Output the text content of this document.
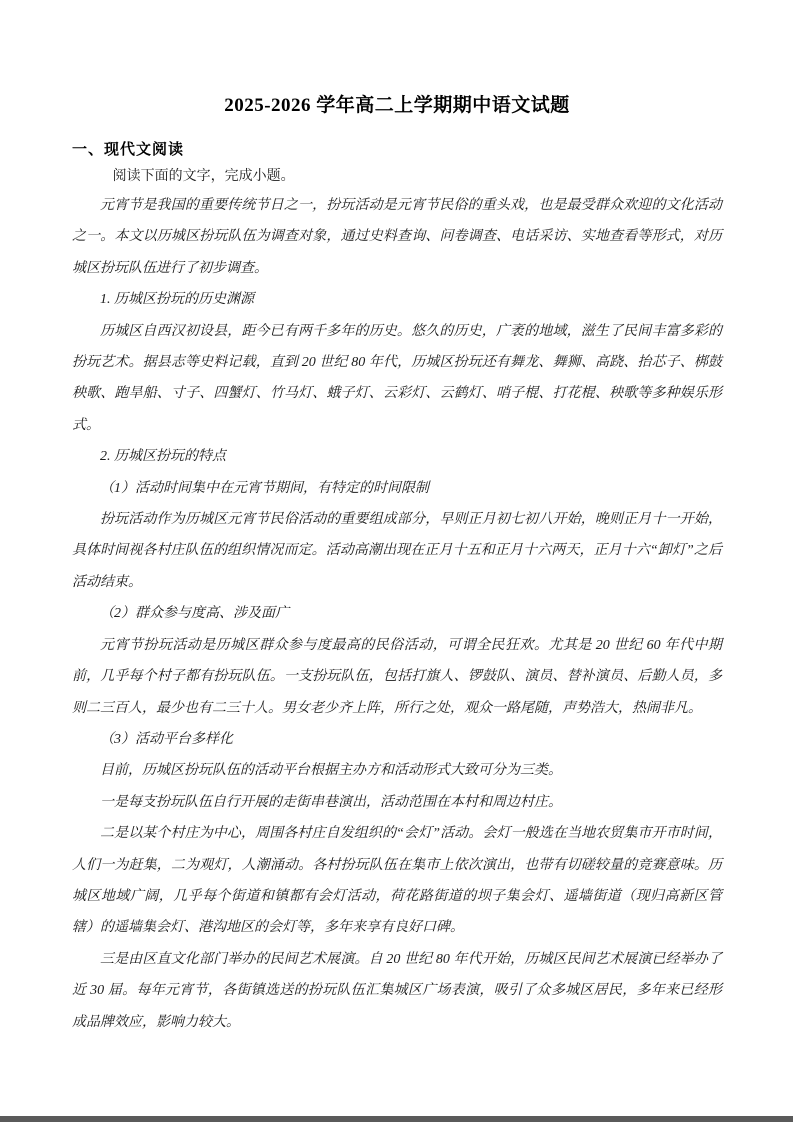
2025-2026 学年高二上学期期中语文试题
一、现代文阅读

阅读下面的文字，完成小题。

元宵节是我国的重要传统节日之一，扮玩活动是元宵节民俗的重头戏，也是最受群众欢迎的文化活动之一。本文以历城区扮玩队伍为调查对象，通过史料查询、问卷调查、电话采访、实地查看等形式，对历城区扮玩队伍进行了初步调查。

1. 历城区扮玩的历史渊源

历城区自西汉初设县，距今已有两千多年的历史。悠久的历史，广袤的地域，滋生了民间丰富多彩的扮玩艺术。据县志等史料记载，直到 20 世纪 80 年代，历城区扮玩还有舞龙、舞狮、高跷、抬芯子、梆鼓秧歌、跑旱船、寸子、四蟹灯、竹马灯、蛾子灯、云彩灯、云鹤灯、哨子棍、打花棍、秧歌等多种娱乐形式。

2. 历城区扮玩的特点

（1）活动时间集中在元宵节期间，有特定的时间限制

扮玩活动作为历城区元宵节民俗活动的重要组成部分，早则正月初七初八开始，晚则正月十一开始，具体时间视各村庄队伍的组织情况而定。活动高潮出现在正月十五和正月十六两天，正月十六“卸灯”之后活动结束。

（2）群众参与度高、涉及面广

元宵节扮玩活动是历城区群众参与度最高的民俗活动，可谓全民狂欢。尤其是 20 世纪 60 年代中期前，几乎每个村子都有扮玩队伍。一支扮玩队伍，包括打旗人、锣鼓队、演员、替补演员、后勤人员，多则二三百人，最少也有二三十人。男女老少齐上阵，所行之处，观众一路尾随，声势浩大，热闹非凡。

（3）活动平台多样化

目前，历城区扮玩队伍的活动平台根据主办方和活动形式大致可分为三类。

一是每支扮玩队伍自行开展的走街串巷演出，活动范围在本村和周边村庄。

二是以某个村庄为中心，周围各村庄自发组织的“会灯”活动。会灯一般选在当地农贸集市开市时间，人们一为赶集，二为观灯，人潮涌动。各村扮玩队伍在集市上依次演出，也带有切磋较量的竞赛意味。历城区地域广阔，几乎每个街道和镇都有会灯活动，荷花路街道的坝子集会灯、遥墙街道（现归高新区管辖）的遥墙集会灯、港沟地区的会灯等，多年来享有良好口碑。

三是由区直文化部门举办的民间艺术展演。自 20 世纪 80 年代开始，历城区民间艺术展演已经举办了近 30 届。每年元宵节，各街镇选送的扮玩队伍汇集城区广场表演，吸引了众多城区居民，多年来已经形成品牌效应，影响力较大。
